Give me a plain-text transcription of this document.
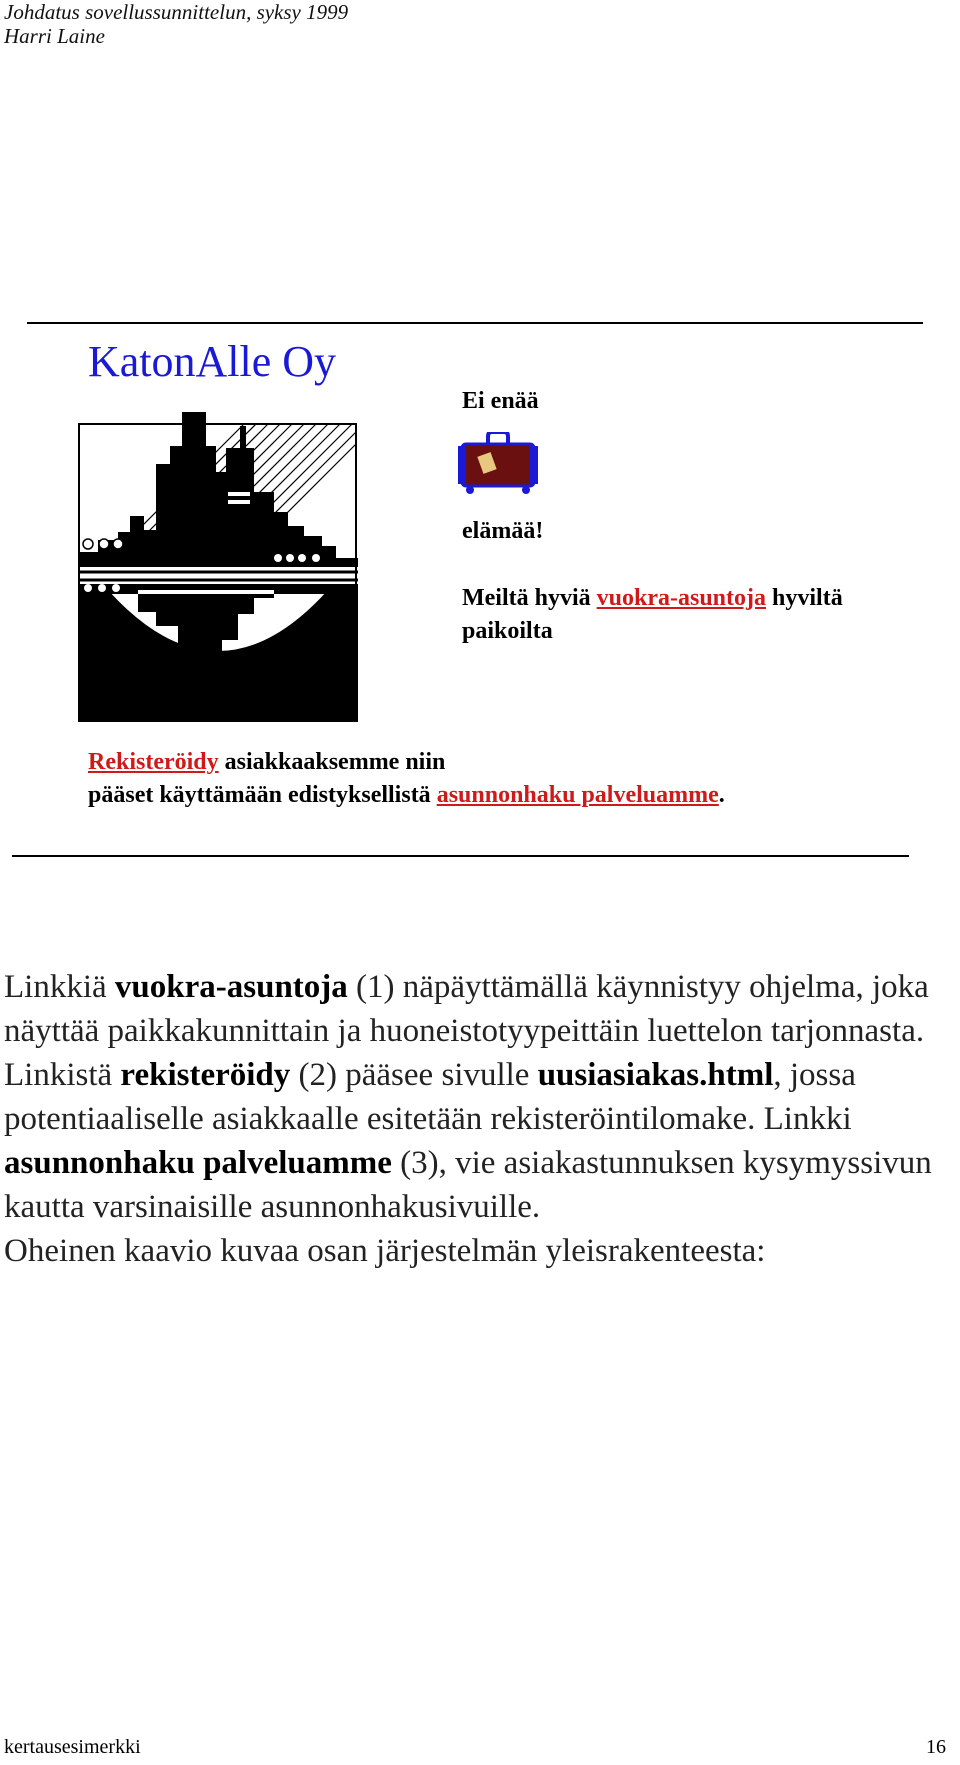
Johdatus sovellussunnittelun, syksy 1999
Harri Laine
KatonAlle Oy
Ei enää
elämää!
Meiltä hyviä vuokra-asuntoja hyviltä paikoilta
Rekisteröidy asiakkaaksemme niin
pääset käyttämään edistyksellistä asunnonhaku palveluamme.
Linkkiä vuokra-asuntoja (1) näpäyttämällä käynnistyy ohjelma, joka näyttää paikkakunnittain ja huoneistotyypeittäin luettelon tarjonnasta.
Linkistä rekisteröidy (2) pääsee sivulle uusiasiakas.html, jossa potentiaaliselle asiakkaalle esitetään rekisteröintilomake. Linkki asunnonhaku palveluamme (3), vie asiakastunnuksen kysymyssivun kautta varsinaisille asunnonhakusivuille.
Oheinen kaavio kuvaa osan järjestelmän yleisrakenteesta:
kertausesimerkki	16
